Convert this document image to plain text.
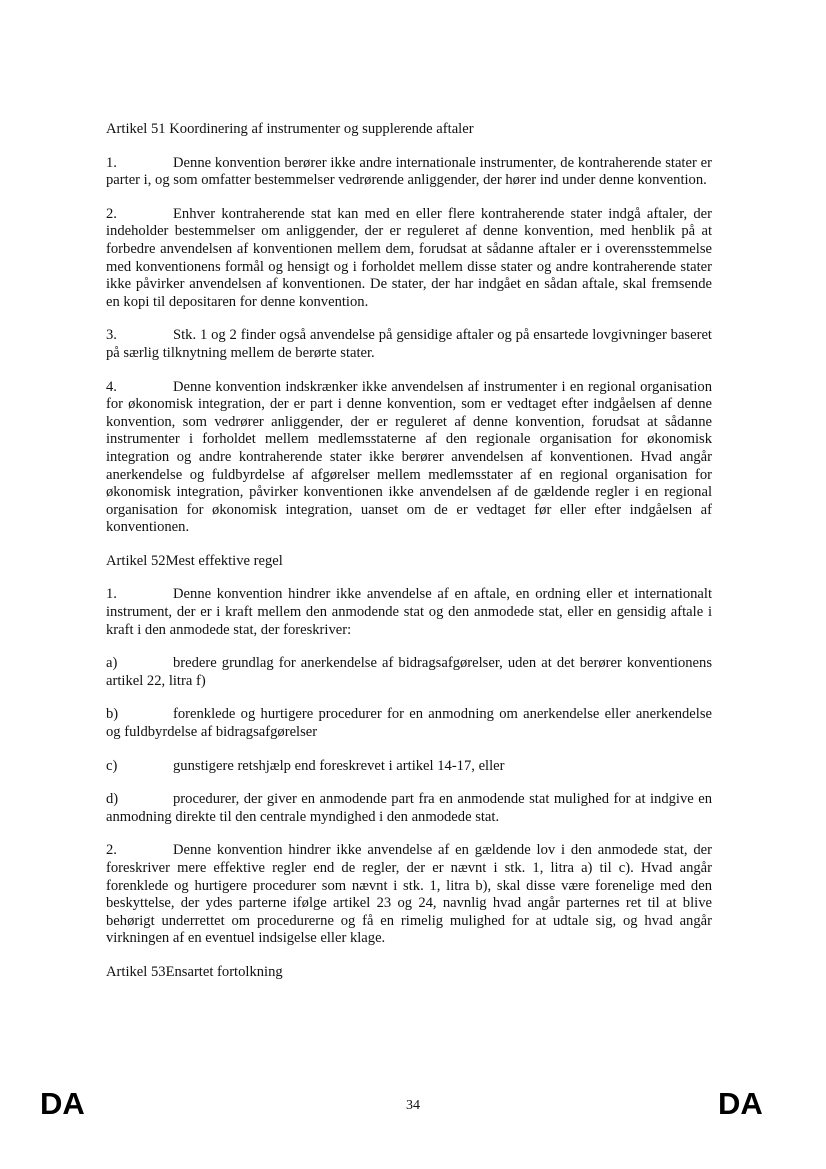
Artikel 51 Koordinering af instrumenter og supplerende aftaler

1.	Denne konvention berører ikke andre internationale instrumenter, de kontraherende stater er parter i, og som omfatter bestemmelser vedrørende anliggender, der hører ind under denne konvention.

2.	Enhver kontraherende stat kan med en eller flere kontraherende stater indgå aftaler, der indeholder bestemmelser om anliggender, der er reguleret af denne konvention, med henblik på at forbedre anvendelsen af konventionen mellem dem, forudsat at sådanne aftaler er i overensstemmelse med konventionens formål og hensigt og i forholdet mellem disse stater og andre kontraherende stater ikke påvirker anvendelsen af konventionen. De stater, der har indgået en sådan aftale, skal fremsende en kopi til depositaren for denne konvention.

3.	Stk. 1 og 2 finder også anvendelse på gensidige aftaler og på ensartede lovgivninger baseret på særlig tilknytning mellem de berørte stater.

4.	Denne konvention indskrænker ikke anvendelsen af instrumenter i en regional organisation for økonomisk integration, der er part i denne konvention, som er vedtaget efter indgåelsen af denne konvention, som vedrører anliggender, der er reguleret af denne konvention, forudsat at sådanne instrumenter i forholdet mellem medlemsstaterne af den regionale organisation for økonomisk integration og andre kontraherende stater ikke berører anvendelsen af konventionen. Hvad angår anerkendelse og fuldbyrdelse af afgørelser mellem medlemsstater af en regional organisation for økonomisk integration, påvirker konventionen ikke anvendelsen af de gældende regler i en regional organisation for økonomisk integration, uanset om de er vedtaget før eller efter indgåelsen af konventionen.

Artikel 52Mest effektive regel

1.	Denne konvention hindrer ikke anvendelse af en aftale, en ordning eller et internationalt instrument, der er i kraft mellem den anmodende stat og den anmodede stat, eller en gensidig aftale i kraft i den anmodede stat, der foreskriver:

a)	bredere grundlag for anerkendelse af bidragsafgørelser, uden at det berører konventionens artikel 22, litra f)

b)	forenklede og hurtigere procedurer for en anmodning om anerkendelse eller anerkendelse og fuldbyrdelse af bidragsafgørelser

c)	gunstigere retshjælp end foreskrevet i artikel 14-17, eller

d)	procedurer, der giver en anmodende part fra en anmodende stat mulighed for at indgive en anmodning direkte til den centrale myndighed i den anmodede stat.

2.	Denne konvention hindrer ikke anvendelse af en gældende lov i den anmodede stat, der foreskriver mere effektive regler end de regler, der er nævnt i stk. 1, litra a) til c). Hvad angår forenklede og hurtigere procedurer som nævnt i stk. 1, litra b), skal disse være forenelige med den beskyttelse, der ydes parterne ifølge artikel 23 og 24, navnlig hvad angår parternes ret til at blive behørigt underrettet om procedurerne og få en rimelig mulighed for at udtale sig, og hvad angår virkningen af en eventuel indsigelse eller klage.

Artikel 53Ensartet fortolkning

DA	34	DA
